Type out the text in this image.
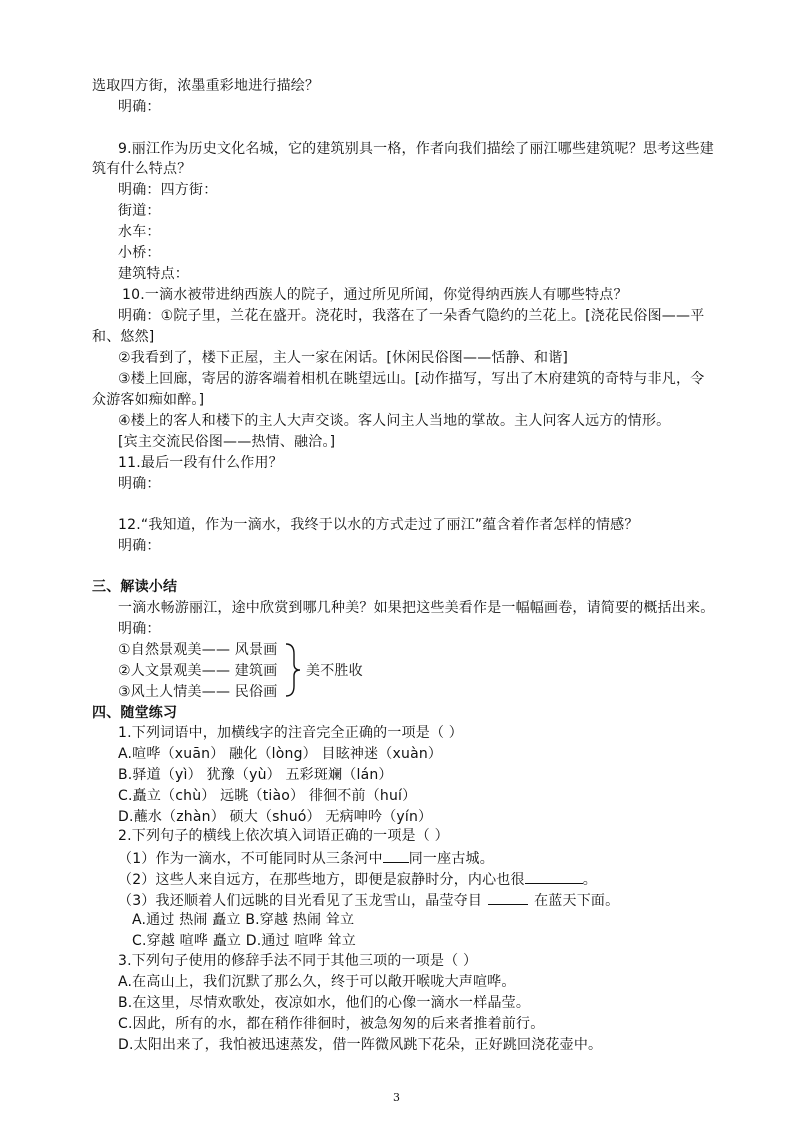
选取四方街，浓墨重彩地进行描绘？
明确：
9.丽江作为历史文化名城，它的建筑别具一格，作者向我们描绘了丽江哪些建筑呢？思考这些建
筑有什么特点？
明确：四方街：
街道：
水车：
小桥：
建筑特点：
10.一滴水被带进纳西族人的院子，通过所见所闻，你觉得纳西族人有哪些特点？
明确：①院子里，兰花在盛开。浇花时，我落在了一朵香气隐约的兰花上。[浇花民俗图——平
和、悠然]
②我看到了，楼下正屋，主人一家在闲话。[休闲民俗图——恬静、和谐]
③楼上回廊，寄居的游客端着相机在眺望远山。[动作描写，写出了木府建筑的奇特与非凡，令
众游客如痴如醉。]
④楼上的客人和楼下的主人大声交谈。客人问主人当地的掌故。主人问客人远方的情形。
[宾主交流民俗图——热情、融洽。]
11.最后一段有什么作用？
明确：
12.“我知道，作为一滴水，我终于以水的方式走过了丽江”蕴含着作者怎样的情感？
明确：
三、解读小结
一滴水畅游丽江，途中欣赏到哪几种美？如果把这些美看作是一幅幅画卷，请简要的概括出来。
明确：
①自然景观美—— 风景画
②人文景观美—— 建筑画
③风土人情美—— 民俗画
美不胜收
四、随堂练习
1.下列词语中，加横线字的注音完全正确的一项是（ ）
A.喧哗（xuān） 融化（lòng） 目眩神迷（xuàn）
B.驿道（yì） 犹豫（yù） 五彩斑斓（lán）
C.矗立（chù） 远眺（tiào） 徘徊不前（huí）
D.蘸水（zhàn） 硕大（shuó） 无病呻吟（yín）
2.下列句子的横线上依次填入词语正确的一项是（ ）
（1）作为一滴水，不可能同时从三条河中 同一座古城。
（2）这些人来自远方，在那些地方，即便是寂静时分，内心也很	。
（3）我还顺着人们远眺的目光看见了玉龙雪山，晶莹夺目	在蓝天下面。
A.通过 热闹 矗立 B.穿越 热闹 耸立
C.穿越 喧哗 矗立 D.通过 喧哗 耸立
3.下列句子使用的修辞手法不同于其他三项的一项是（ ）
A.在高山上，我们沉默了那么久，终于可以敞开喉咙大声喧哗。
B.在这里，尽情欢歌处，夜凉如水，他们的心像一滴水一样晶莹。
C.因此，所有的水，都在稍作徘徊时，被急匆匆的后来者推着前行。
D.太阳出来了，我怕被迅速蒸发，借一阵微风跳下花朵，正好跳回浇花壶中。
3
